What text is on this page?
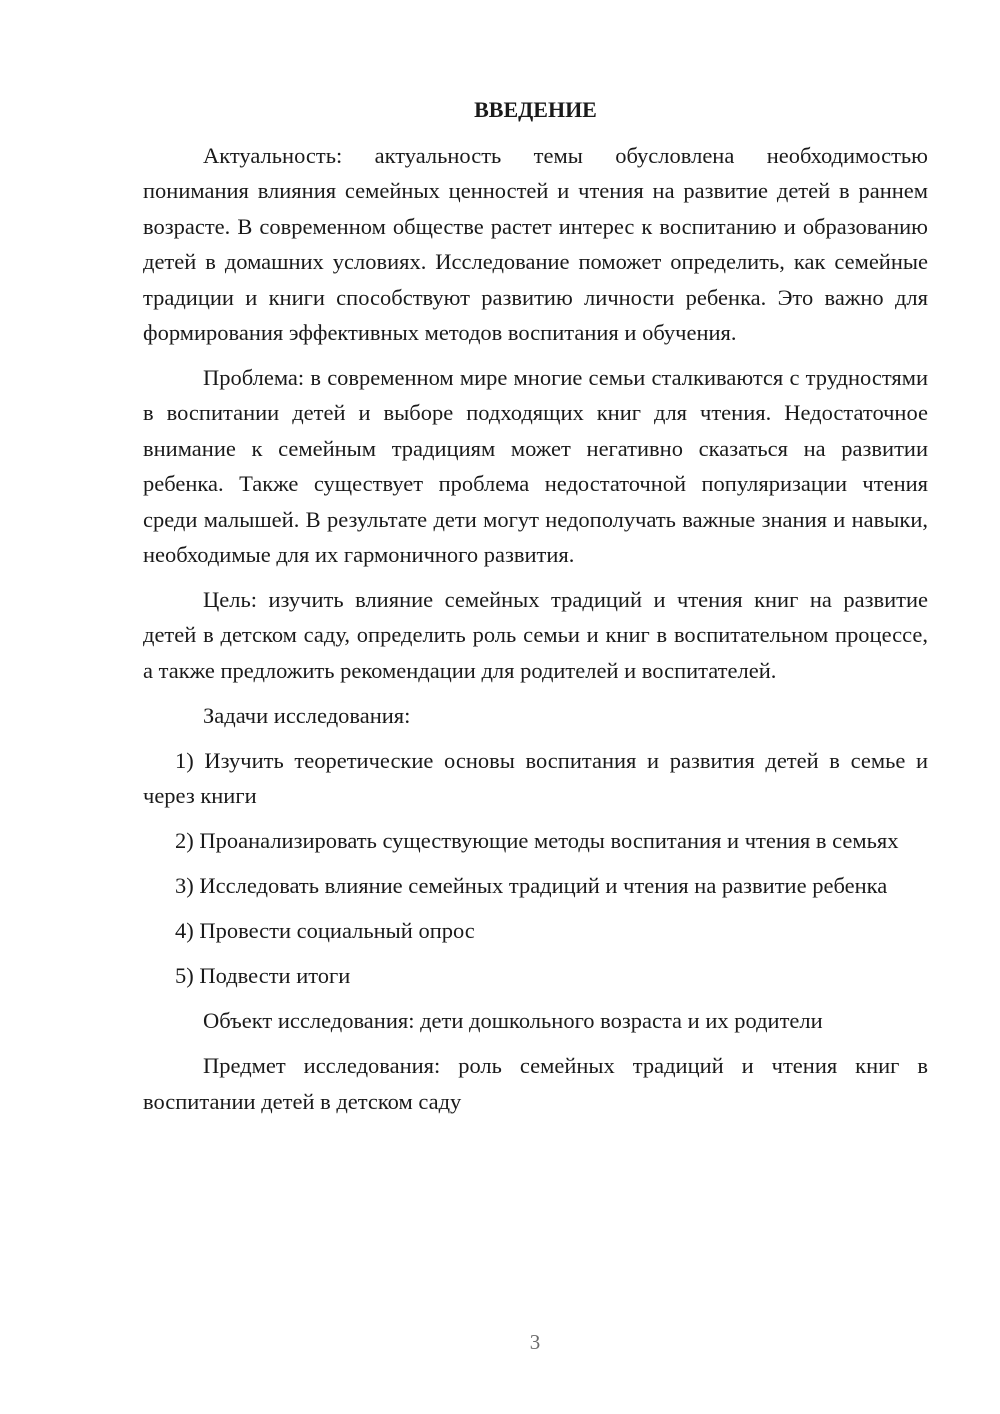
ВВЕДЕНИЕ

Актуальность: актуальность темы обусловлена необходимостью понимания влияния семейных ценностей и чтения на развитие детей в раннем возрасте. В современном обществе растет интерес к воспитанию и образованию детей в домашних условиях. Исследование поможет определить, как семейные традиции и книги способствуют развитию личности ребенка. Это важно для формирования эффективных методов воспитания и обучения.

Проблема: в современном мире многие семьи сталкиваются с трудностями в воспитании детей и выборе подходящих книг для чтения. Недостаточное внимание к семейным традициям может негативно сказаться на развитии ребенка. Также существует проблема недостаточной популяризации чтения среди малышей. В результате дети могут недополучать важные знания и навыки, необходимые для их гармоничного развития.

Цель: изучить влияние семейных традиций и чтения книг на развитие детей в детском саду, определить роль семьи и книг в воспитательном процессе, а также предложить рекомендации для родителей и воспитателей.

Задачи исследования:

1) Изучить теоретические основы воспитания и развития детей в семье и через книги

2) Проанализировать существующие методы воспитания и чтения в семьях

3) Исследовать влияние семейных традиций и чтения на развитие ребенка

4) Провести социальный опрос

5) Подвести итоги

Объект исследования: дети дошкольного возраста и их родители

Предмет исследования: роль семейных традиций и чтения книг в воспитании детей в детском саду

3
